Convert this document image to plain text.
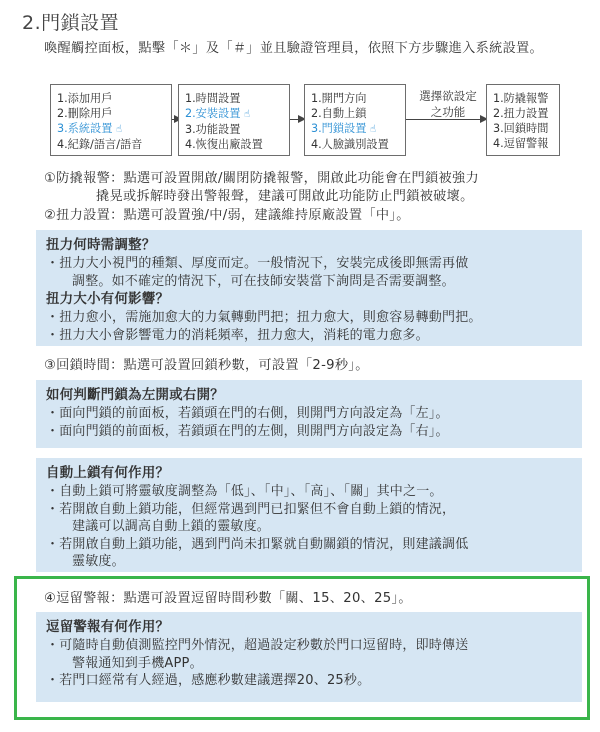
2.門鎖設置
喚醒觸控面板，點擊「＊」及「＃」並且驗證管理員，依照下方步驟進入系統設置。
1.添加用戶
2.刪除用戶
3.系統設置 ☝
4.紀錄/語言/語音
1.時間設置
2.安裝設置 ☝
3.功能設置
4.恢復出廠設置
1.開門方向
2.自動上鎖
3.門鎖設置 ☝
4.人臉識別設置
選擇欲設定之功能
1.防撬報警
2.扭力設置
3.回鎖時間
4.逗留警報
①防撬報警：點選可設置開啟/關閉防撬報警，開啟此功能會在門鎖被強力
撬晃或拆解時發出警報聲，建議可開啟此功能防止門鎖被破壞。
②扭力設置：點選可設置強/中/弱，建議維持原廠設置「中」。
扭力何時需調整？
・扭力大小視門的種類、厚度而定。一般情況下，安裝完成後即無需再做
調整。如不確定的情況下，可在技師安裝當下詢問是否需要調整。
扭力大小有何影響？
・扭力愈小，需施加愈大的力氣轉動門把；扭力愈大，則愈容易轉動門把。
・扭力大小會影響電力的消耗頻率，扭力愈大，消耗的電力愈多。
③回鎖時間：點選可設置回鎖秒數，可設置「2-9秒」。
如何判斷門鎖為左開或右開？
・面向門鎖的前面板，若鎖頭在門的右側，則開門方向設定為「左」。
・面向門鎖的前面板，若鎖頭在門的左側，則開門方向設定為「右」。
自動上鎖有何作用？
・自動上鎖可將靈敏度調整為「低」、「中」、「高」、「關」其中之一。
・若開啟自動上鎖功能，但經常遇到門已扣緊但不會自動上鎖的情況，
建議可以調高自動上鎖的靈敏度。
・若開啟自動上鎖功能，遇到門尚未扣緊就自動關鎖的情況，則建議調低
靈敏度。
④逗留警報：點選可設置逗留時間秒數「關、15、20、25」。
逗留警報有何作用？
・可隨時自動偵測監控門外情況，超過設定秒數於門口逗留時，即時傳送
警報通知到手機APP。
・若門口經常有人經過，感應秒數建議選擇20、25秒。
